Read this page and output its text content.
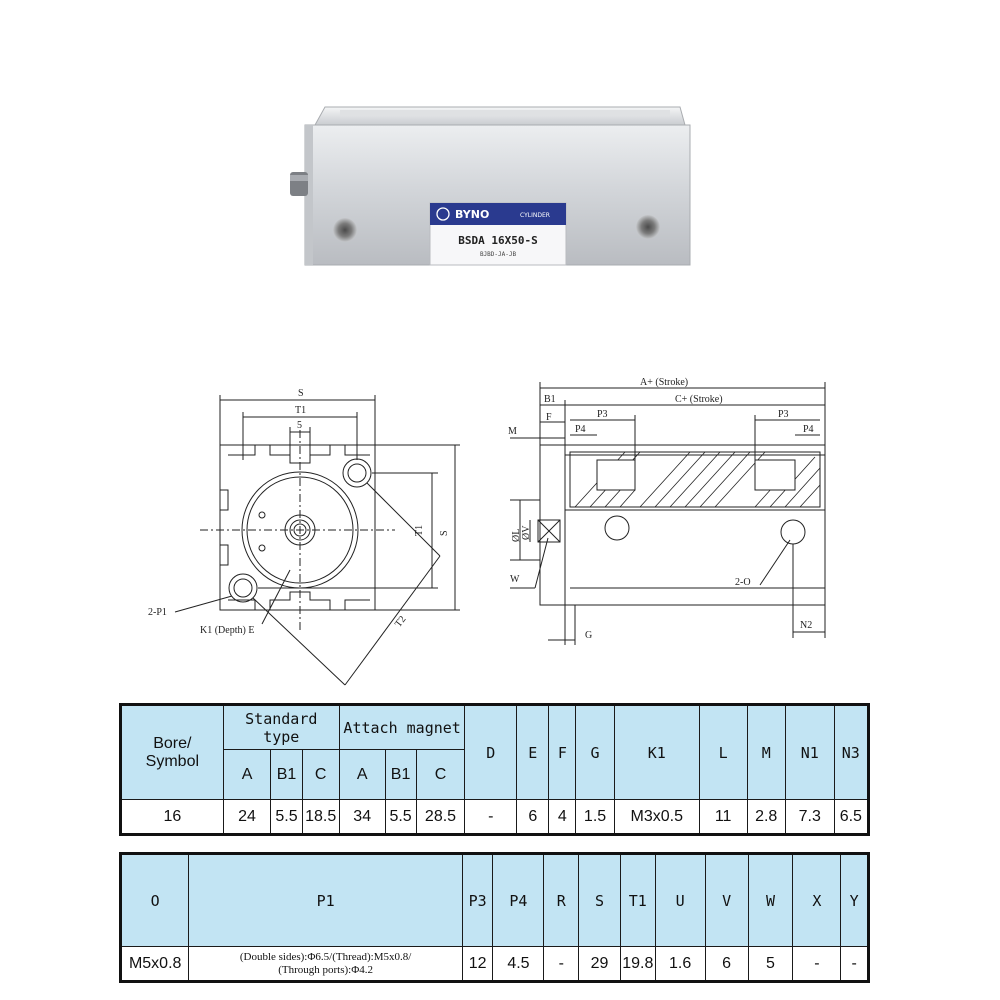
BYNO	CYLINDER
BSDA 16X50-S
BJBD-JA-JB
S
T1
5
T1 S
T2
2-P1
K1 (Depth) E
A+ (Stroke)
B1	C+ (Stroke)
F	P3	P3
M	P4	P4
ØL ØV
W	2-O
G
N2
Bore/
Symbol	Standard type			Attach magnet			D	E	F	G	K1	L	M	N1	N3
	A	B1	C	A	B1	C									
16	24	5.5	18.5	34	5.5	28.5	-	6	4	1.5	M3x0.5	11	2.8	7.3	6.5
O	P1	P3	P4	R	S	T1	U	V	W	X	Y
M5x0.8	(Double sides):Φ6.5/(Thread):M5x0.8/
(Through ports):Φ4.2	12	4.5	-	29	19.8	1.6	6	5	-	-
